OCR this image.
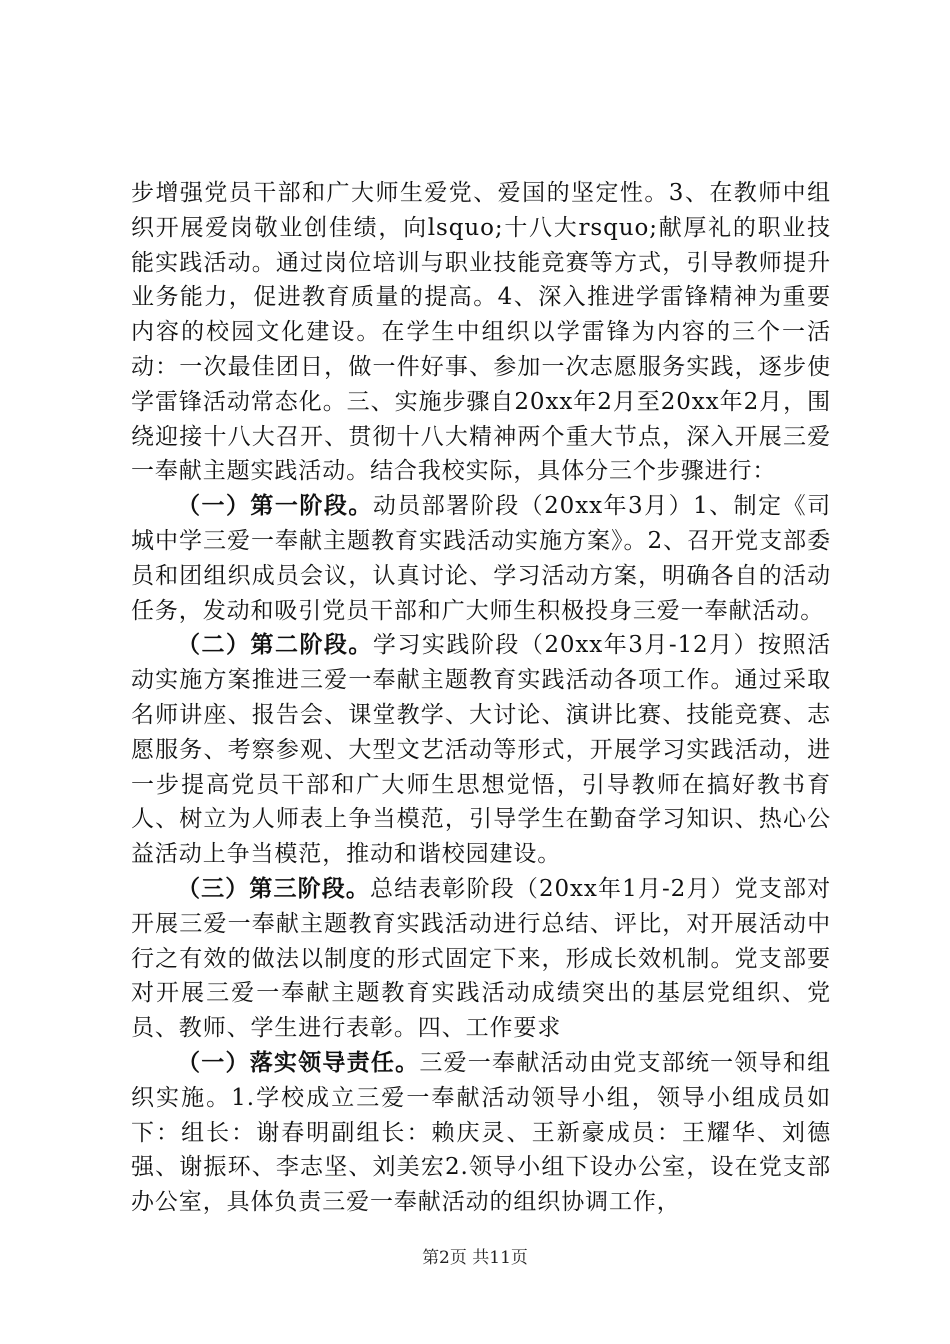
步增强党员干部和广大师生爱党、爱国的坚定性。3、在教师中组织开展爱岗敬业创佳绩，向lsquo;十八大rsquo;献厚礼的职业技能实践活动。通过岗位培训与职业技能竞赛等方式，引导教师提升业务能力，促进教育质量的提高。4、深入推进学雷锋精神为重要内容的校园文化建设。在学生中组织以学雷锋为内容的三个一活动：一次最佳团日，做一件好事、参加一次志愿服务实践，逐步使学雷锋活动常态化。三、实施步骤自20xx年2月至20xx年2月，围绕迎接十八大召开、贯彻十八大精神两个重大节点，深入开展三爱一奉献主题实践活动。结合我校实际，具体分三个步骤进行：

（一）第一阶段。动员部署阶段（20xx年3月）1、制定《司城中学三爱一奉献主题教育实践活动实施方案》。2、召开党支部委员和团组织成员会议，认真讨论、学习活动方案，明确各自的活动任务，发动和吸引党员干部和广大师生积极投身三爱一奉献活动。

（二）第二阶段。学习实践阶段（20xx年3月-12月）按照活动实施方案推进三爱一奉献主题教育实践活动各项工作。通过采取名师讲座、报告会、课堂教学、大讨论、演讲比赛、技能竞赛、志愿服务、考察参观、大型文艺活动等形式，开展学习实践活动，进一步提高党员干部和广大师生思想觉悟，引导教师在搞好教书育人、树立为人师表上争当模范，引导学生在勤奋学习知识、热心公益活动上争当模范，推动和谐校园建设。

（三）第三阶段。总结表彰阶段（20xx年1月-2月）党支部对开展三爱一奉献主题教育实践活动进行总结、评比，对开展活动中行之有效的做法以制度的形式固定下来，形成长效机制。党支部要对开展三爱一奉献主题教育实践活动成绩突出的基层党组织、党员、教师、学生进行表彰。四、工作要求

（一）落实领导责任。三爱一奉献活动由党支部统一领导和组织实施。1.学校成立三爱一奉献活动领导小组，领导小组成员如下：组长：谢春明副组长：赖庆灵、王新豪成员：王耀华、刘德强、谢振环、李志坚、刘美宏2.领导小组下设办公室，设在党支部办公室，具体负责三爱一奉献活动的组织协调工作，

第2页 共11页
